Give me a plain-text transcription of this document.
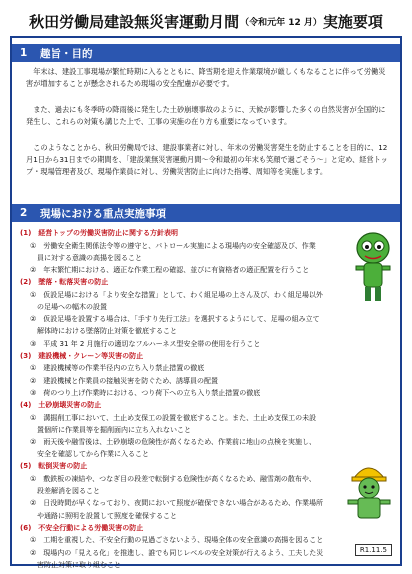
秋田労働局建設無災害運動月間 （令和元年 12 月） 実施要項
1	趣旨・目的
年末は、建設工事現場が繁忙時期に入るとともに、降雪期を迎え作業環境が厳しくもなることに伴って労働災害が増加することが懸念されるため現場の安全配慮が必要です。
また、過去にも冬季時の降雨後に発生した土砂崩壊事故のように、天候が影響した多くの自然災害が全国的に発生し、これらの対策も講じた上で、工事の実施の在り方も重要になっています。
このようなことから、秋田労働局では、建設事業者に対し、年末の労働災害発生を防止することを目的に、12月1日から31日までの期間を、「建設業無災害運動月間～令和最初の年末も笑顔で過ごそう～」と定め、経営トップ・現場管理者及び、現場作業員に対し、労働災害防止に向けた指導、周知等を実施します。
2	現場における重点実施事項
(1)　経営トップの労働災害防止に関する方針表明
①　労働安全衛生関係法令等の遵守と、パトロール実施による現場内の安全確認及び、作業
　員に対する意識の高揚を図ること
②　年末繁忙期における、適正な作業工程の確認、並びに有資格者の適正配置を行うこと
(2)　墜落・転落災害の防止
①　仮設足場における「より安全な措置」として、わく組足場の上さん及び、わく組足場以外
　の足場への幅木の設置
②　仮設足場を設置する場合は、「手すり先行工法」を選択するようにして、足場の組み立て
　解体時における墜落防止対策を徹底すること
③　平成 31 年 2 月施行の適切なフルハーネス型安全帯の使用を行うこと
(3)　建設機械・クレーン等災害の防止
①　建設機械等の作業半径内の立ち入り禁止措置の徹底
②　建設機械と作業員の接触災害を防ぐため、誘導員の配置
③　荷のつり上げ作業時における、つり荷下への立ち入り禁止措置の徹底
(4)　土砂崩壊災害の防止
①　溝掘削工事において、土止め支保工の設置を徹底すること。また、土止め支保工の未設
　置個所に作業員等を掘削面内に立ち入れないこと
②　雨天後や融雪後は、土砂崩壊の危険性が高くなるため、作業前に地山の点検を実施し、
　安全を確認してから作業に入ること
(5)　転倒災害の防止
①　敷鉄板の凍結や、つなぎ目の段差で転倒する危険性が高くなるため、融雪剤の散布や、
　段差解消を図ること
②　日没時間が早くなっており、夜間において照度が確保できない場合があるため、作業場所
　や通路に照明を設置して照度を確保すること
(6)　不安全行動による労働災害の防止
①　工期を重視した、不安全行動の見過ごさないよう、現場全体の安全意識の高揚を図ること
②　現場内の「見える化」を推進し、誰でも同じレベルの安全対策が行えるよう、工夫した災
　害防止対策に取り組むこと
R1.11.5
